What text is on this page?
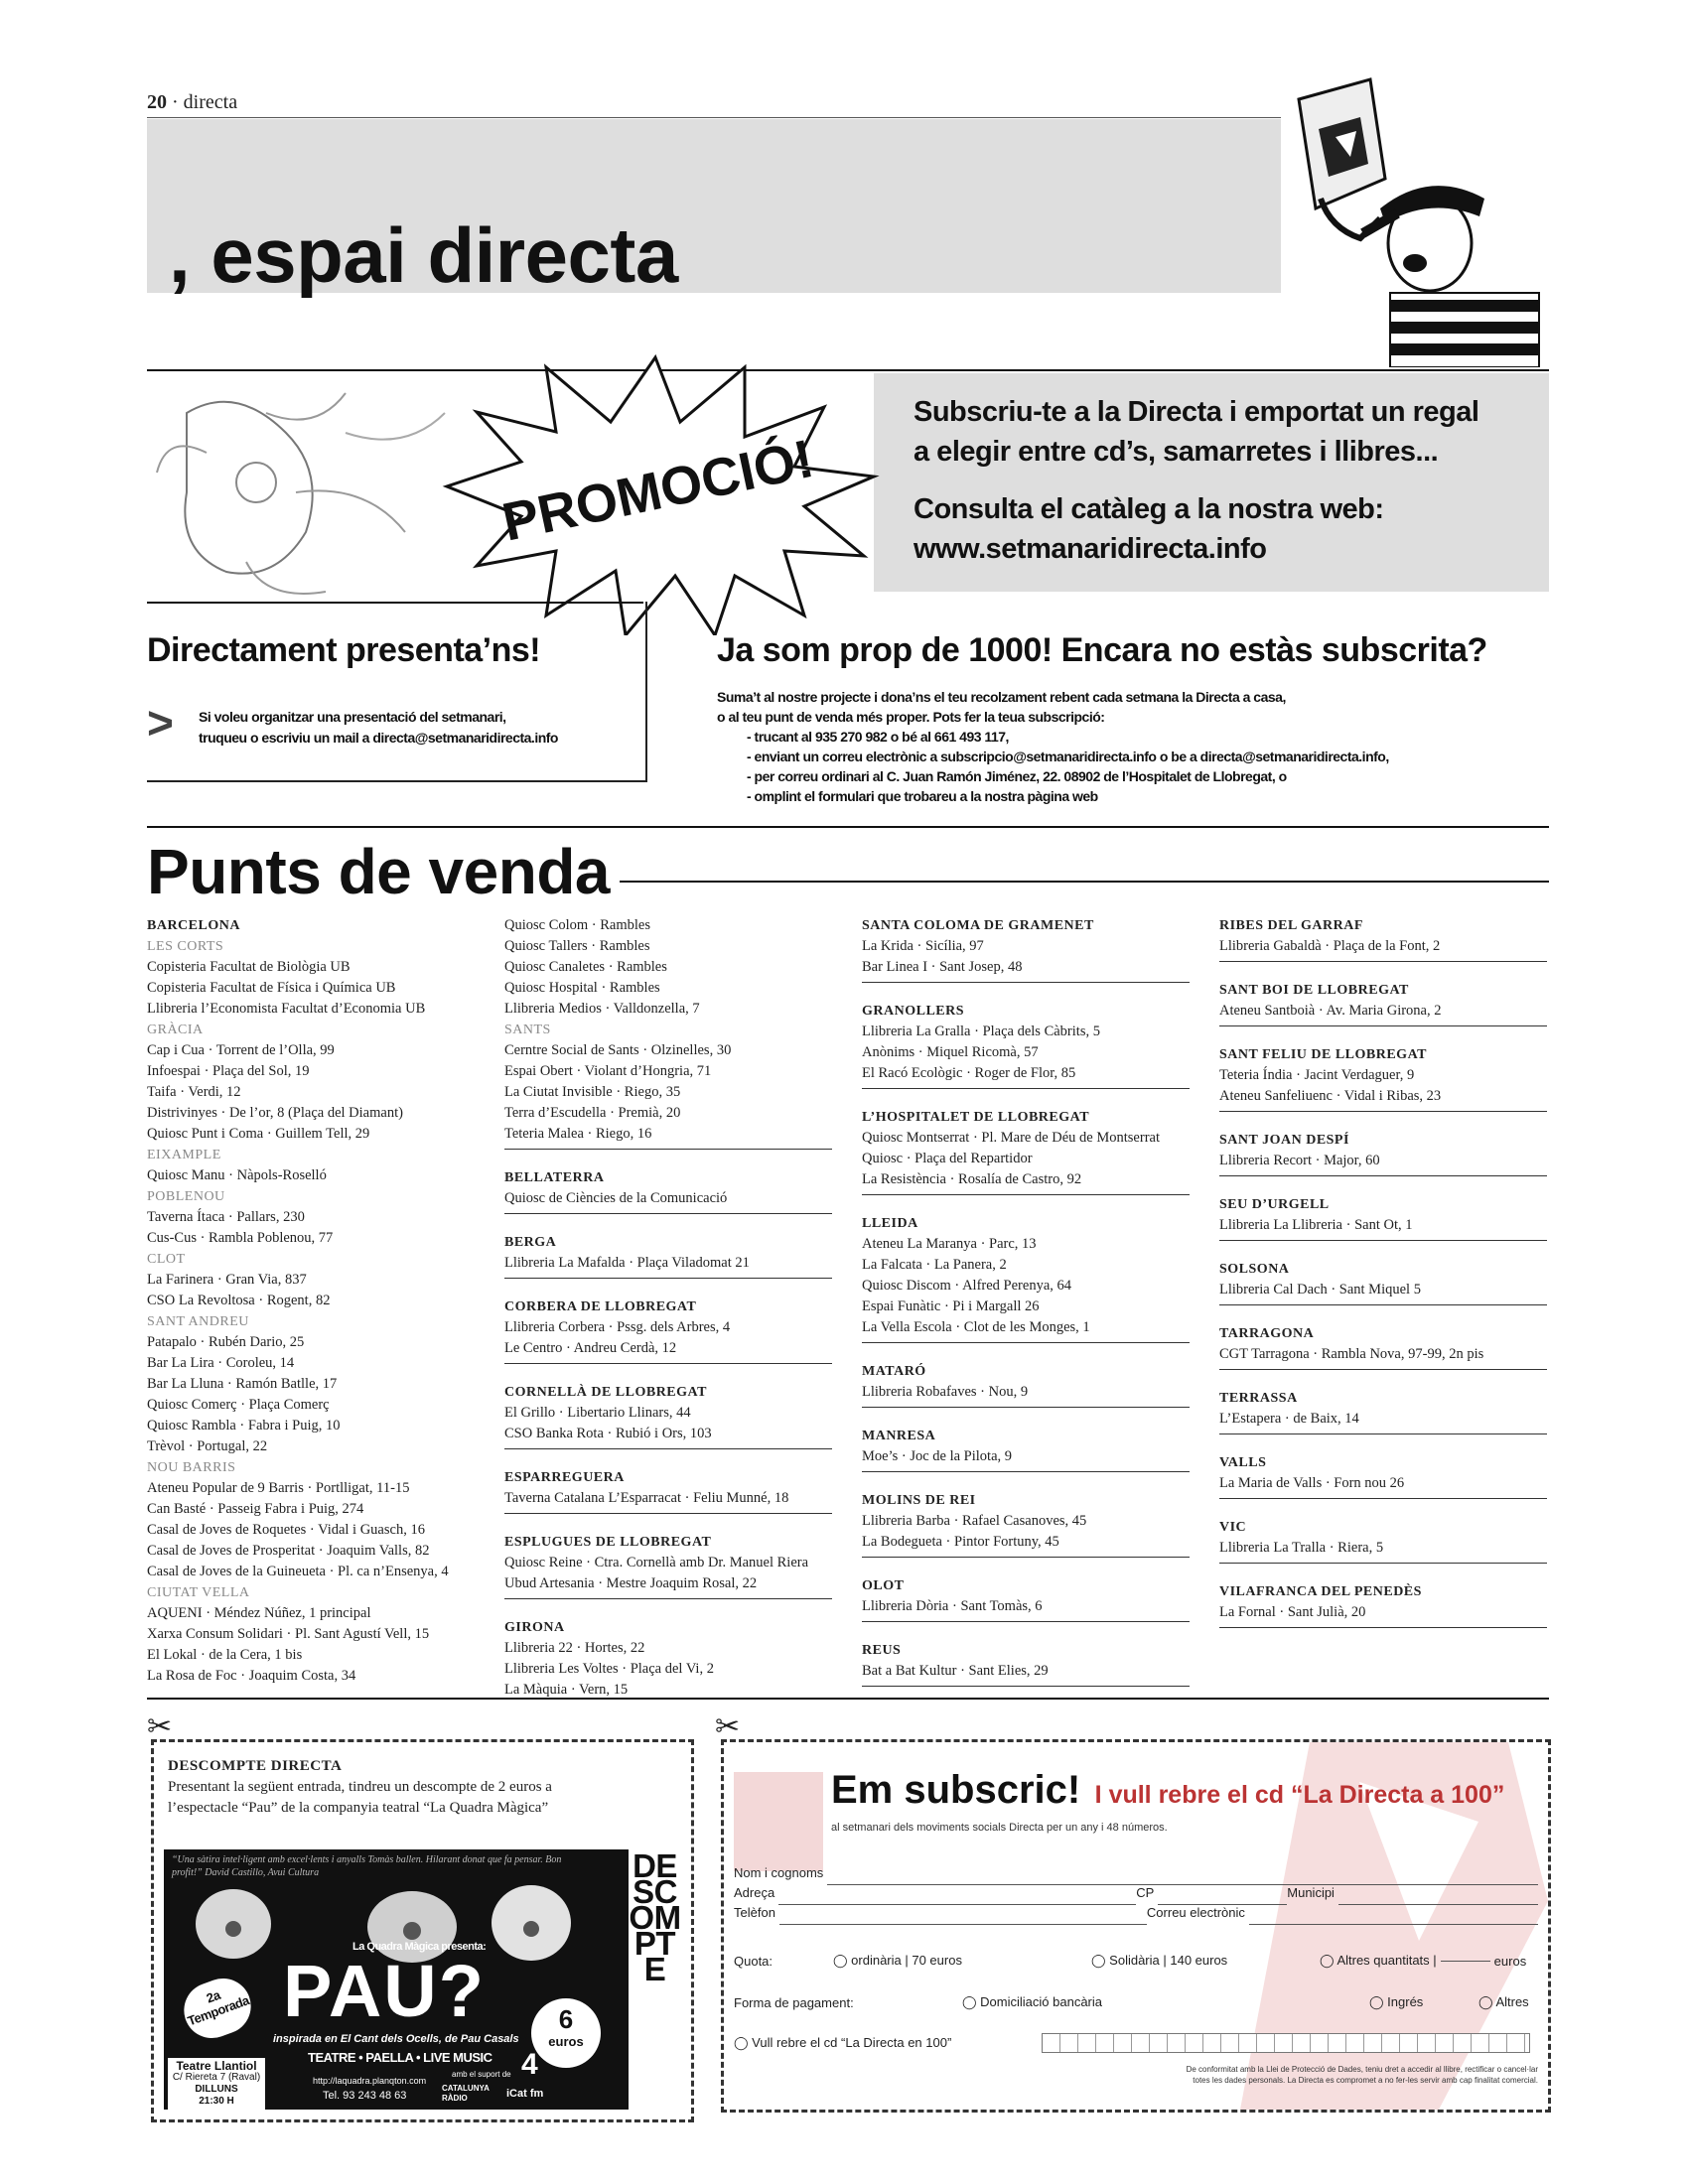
20 · directa
, espai directa
PROMOCIÓ!
Subscriu-te a la Directa i emportat un regal
a elegir entre cd’s, samarretes i llibres...
Consulta el catàleg a la nostra web:
www.setmanaridirecta.info
Directament presenta’ns!
> Si voleu organitzar una presentació del setmanari,
truqueu o escriviu un mail a directa@setmanaridirecta.info
Ja som prop de 1000! Encara no estàs subscrita?
Suma’t al nostre projecte i dona’ns el teu recolzament rebent cada setmana la Directa a casa,
o al teu punt de venda més proper. Pots fer la teua subscripció:
- trucant al 935 270 982 o bé al 661 493 117,
- enviant un correu electrònic a subscripcio@setmanaridirecta.info o be a directa@setmanaridirecta.info,
- per correu ordinari al C. Juan Ramón Jiménez, 22. 08902 de l’Hospitalet de Llobregat, o
- omplint el formulari que trobareu a la nostra pàgina web
Punts de venda
BARCELONA
LES CORTS
Copisteria Facultat de Biològia UB
Copisteria Facultat de Física i Química UB
Llibreria l’Economista Facultat d’Economia UB
GRÀCIA
Cap i Cua · Torrent de l’Olla, 99
Infoespai · Plaça del Sol, 19
Taifa · Verdi, 12
Distrivinyes · De l’or, 8 (Plaça del Diamant)
Quiosc Punt i Coma · Guillem Tell, 29
EIXAMPLE
Quiosc Manu · Nàpols-Roselló
POBLENOU
Taverna Ítaca · Pallars, 230
Cus-Cus · Rambla Poblenou, 77
CLOT
La Farinera · Gran Via, 837
CSO La Revoltosa · Rogent, 82
SANT ANDREU
Patapalo · Rubén Dario, 25
Bar La Lira · Coroleu, 14
Bar La Lluna · Ramón Batlle, 17
Quiosc Comerç · Plaça Comerç
Quiosc Rambla · Fabra i Puig, 10
Trèvol · Portugal, 22
NOU BARRIS
Ateneu Popular de 9 Barris · Portlligat, 11-15
Can Basté · Passeig Fabra i Puig, 274
Casal de Joves de Roquetes · Vidal i Guasch, 16
Casal de Joves de Prosperitat · Joaquim Valls, 82
Casal de Joves de la Guineueta · Pl. ca n’Ensenya, 4
CIUTAT VELLA
AQUENI · Méndez Núñez, 1 principal
Xarxa Consum Solidari · Pl. Sant Agustí Vell, 15
El Lokal · de la Cera, 1 bis
La Rosa de Foc · Joaquim Costa, 34
Quiosc Colom · Rambles
Quiosc Tallers · Rambles
Quiosc Canaletes · Rambles
Quiosc Hospital · Rambles
Llibreria Medios · Valldonzella, 7
SANTS
Cerntre Social de Sants · Olzinelles, 30
Espai Obert · Violant d’Hongria, 71
La Ciutat Invisible · Riego, 35
Terra d’Escudella · Premià, 20
Teteria Malea · Riego, 16
BELLATERRA
Quiosc de Ciències de la Comunicació
BERGA
Llibreria La Mafalda · Plaça Viladomat 21
CORBERA DE LLOBREGAT
Llibreria Corbera · Pssg. dels Arbres, 4
Le Centro · Andreu Cerdà, 12
CORNELLÀ DE LLOBREGAT
El Grillo · Libertario Llinars, 44
CSO Banka Rota · Rubió i Ors, 103
ESPARREGUERA
Taverna Catalana L’Esparracat · Feliu Munné, 18
ESPLUGUES DE LLOBREGAT
Quiosc Reine · Ctra. Cornellà amb Dr. Manuel Riera
Ubud Artesania · Mestre Joaquim Rosal, 22
GIRONA
Llibreria 22 · Hortes, 22
Llibreria Les Voltes · Plaça del Vi, 2
La Màquia · Vern, 15
SANTA COLOMA DE GRAMENET
La Krida · Sicília, 97
Bar Linea I · Sant Josep, 48
GRANOLLERS
Llibreria La Gralla · Plaça dels Càbrits, 5
Anònims · Miquel Ricomà, 57
El Racó Ecològic · Roger de Flor, 85
L’HOSPITALET DE LLOBREGAT
Quiosc Montserrat · Pl. Mare de Déu de Montserrat
Quiosc · Plaça del Repartidor
La Resistència · Rosalía de Castro, 92
LLEIDA
Ateneu La Maranya · Parc, 13
La Falcata · La Panera, 2
Quiosc Discom · Alfred Perenya, 64
Espai Funàtic · Pi i Margall 26
La Vella Escola · Clot de les Monges, 1
MATARÓ
Llibreria Robafaves · Nou, 9
MANRESA
Moe’s · Joc de la Pilota, 9
MOLINS DE REI
Llibreria Barba · Rafael Casanoves, 45
La Bodegueta · Pintor Fortuny, 45
OLOT
Llibreria Dòria · Sant Tomàs, 6
REUS
Bat a Bat Kultur · Sant Elies, 29
RIBES DEL GARRAF
Llibreria Gabaldà · Plaça de la Font, 2
SANT BOI DE LLOBREGAT
Ateneu Santboià · Av. Maria Girona, 2
SANT FELIU DE LLOBREGAT
Teteria Índia · Jacint Verdaguer, 9
Ateneu Sanfeliuenc · Vidal i Ribas, 23
SANT JOAN DESPÍ
Llibreria Recort · Major, 60
SEU D’URGELL
Llibreria La Llibreria · Sant Ot, 1
SOLSONA
Llibreria Cal Dach · Sant Miquel 5
TARRAGONA
CGT Tarragona · Rambla Nova, 97-99, 2n pis
TERRASSA
L’Estapera · de Baix, 14
VALLS
La Maria de Valls · Forn nou 26
VIC
Llibreria La Tralla · Riera, 5
VILAFRANCA DEL PENEDÈS
La Fornal · Sant Julià, 20
✂
DESCOMPTE DIRECTA
Presentant la següent entrada, tindreu un descompte de 2 euros a
l’espectacle “Pau” de la companyia teatral “La Quadra Màgica”
“Una sàtira intel·ligent amb excel·lents i anyalls Tomàs ballen. Hilarant donat que fa pensar. Bon profit!” David Castillo, Avui Cultura
La Quadra Màgica presenta:
PAU?
2a Temporada
inspirada en El Cant dels Ocells, de Pau Casals
TEATRE • PAELLA • LIVE MUSIC
6
euros
4
Teatre Llantiol
C/ Riereta 7 (Raval)
DILLUNS
21:30 H
http://laquadra.planqton.com
Tel. 93 243 48 63
amb el suport de
CATALUNYA RÀDIO	iCat fm
DESCOMPTE
✂
Em subscric! I vull rebre el cd “La Directa a 100”
al setmanari dels moviments socials Directa per un any i 48 números.
Nom i cognoms
Adreça	CP	Municipi
Telèfon	Correu electrònic
Quota:	◯ ordinària | 70 euros	◯ Solidària | 140 euros	◯ Altres quantitats |	euros
Forma de pagament:	◯ Domiciliació bancària	◯ Ingrés	◯ Altres
◯ Vull rebre el cd “La Directa en 100”
De conformitat amb la Llei de Protecció de Dades, teniu dret a accedir al llibre, rectificar o cancel·lar
totes les dades personals. La Directa es compromet a no fer-les servir amb cap finalitat comercial.
